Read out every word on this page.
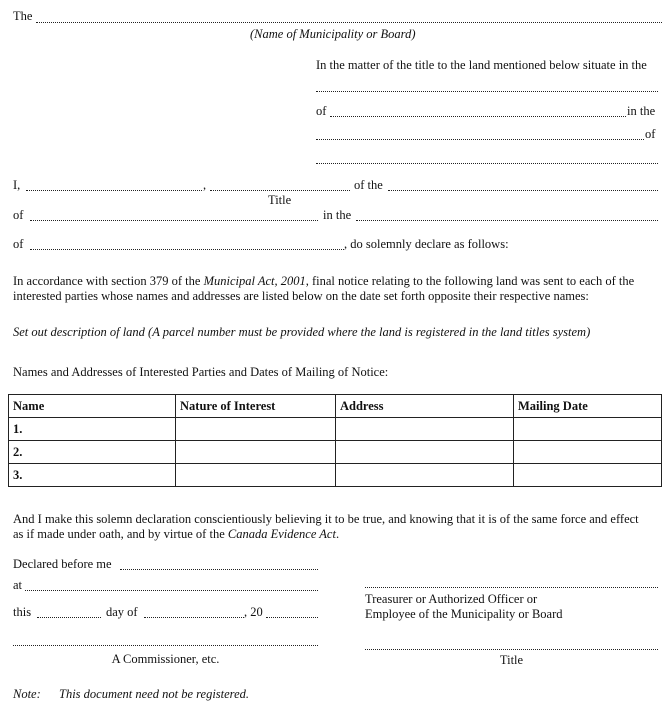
The
(Name of Municipality or Board)
In the matter of the title to the land mentioned below situate in the
of	in the
of
I,	,	of the
Title
of	in the
of	, do solemnly declare as follows:
In accordance with section 379 of the Municipal Act, 2001, final notice relating to the following land was sent to each of the
interested parties whose names and addresses are listed below on the date set forth opposite their respective names:
Set out description of land (A parcel number must be provided where the land is registered in the land titles system)
Names and Addresses of Interested Parties and Dates of Mailing of Notice:
Name	Nature of Interest	Address	Mailing Date
1.			
2.			
3.			
And I make this solemn declaration conscientiously believing it to be true, and knowing that it is of the same force and effect
as if made under oath, and by virtue of the Canada Evidence Act.
Declared before me
at
this	day of	, 20
A Commissioner, etc.
Treasurer or Authorized Officer or
Employee of the Municipality or Board
Title
Note: This document need not be registered.
